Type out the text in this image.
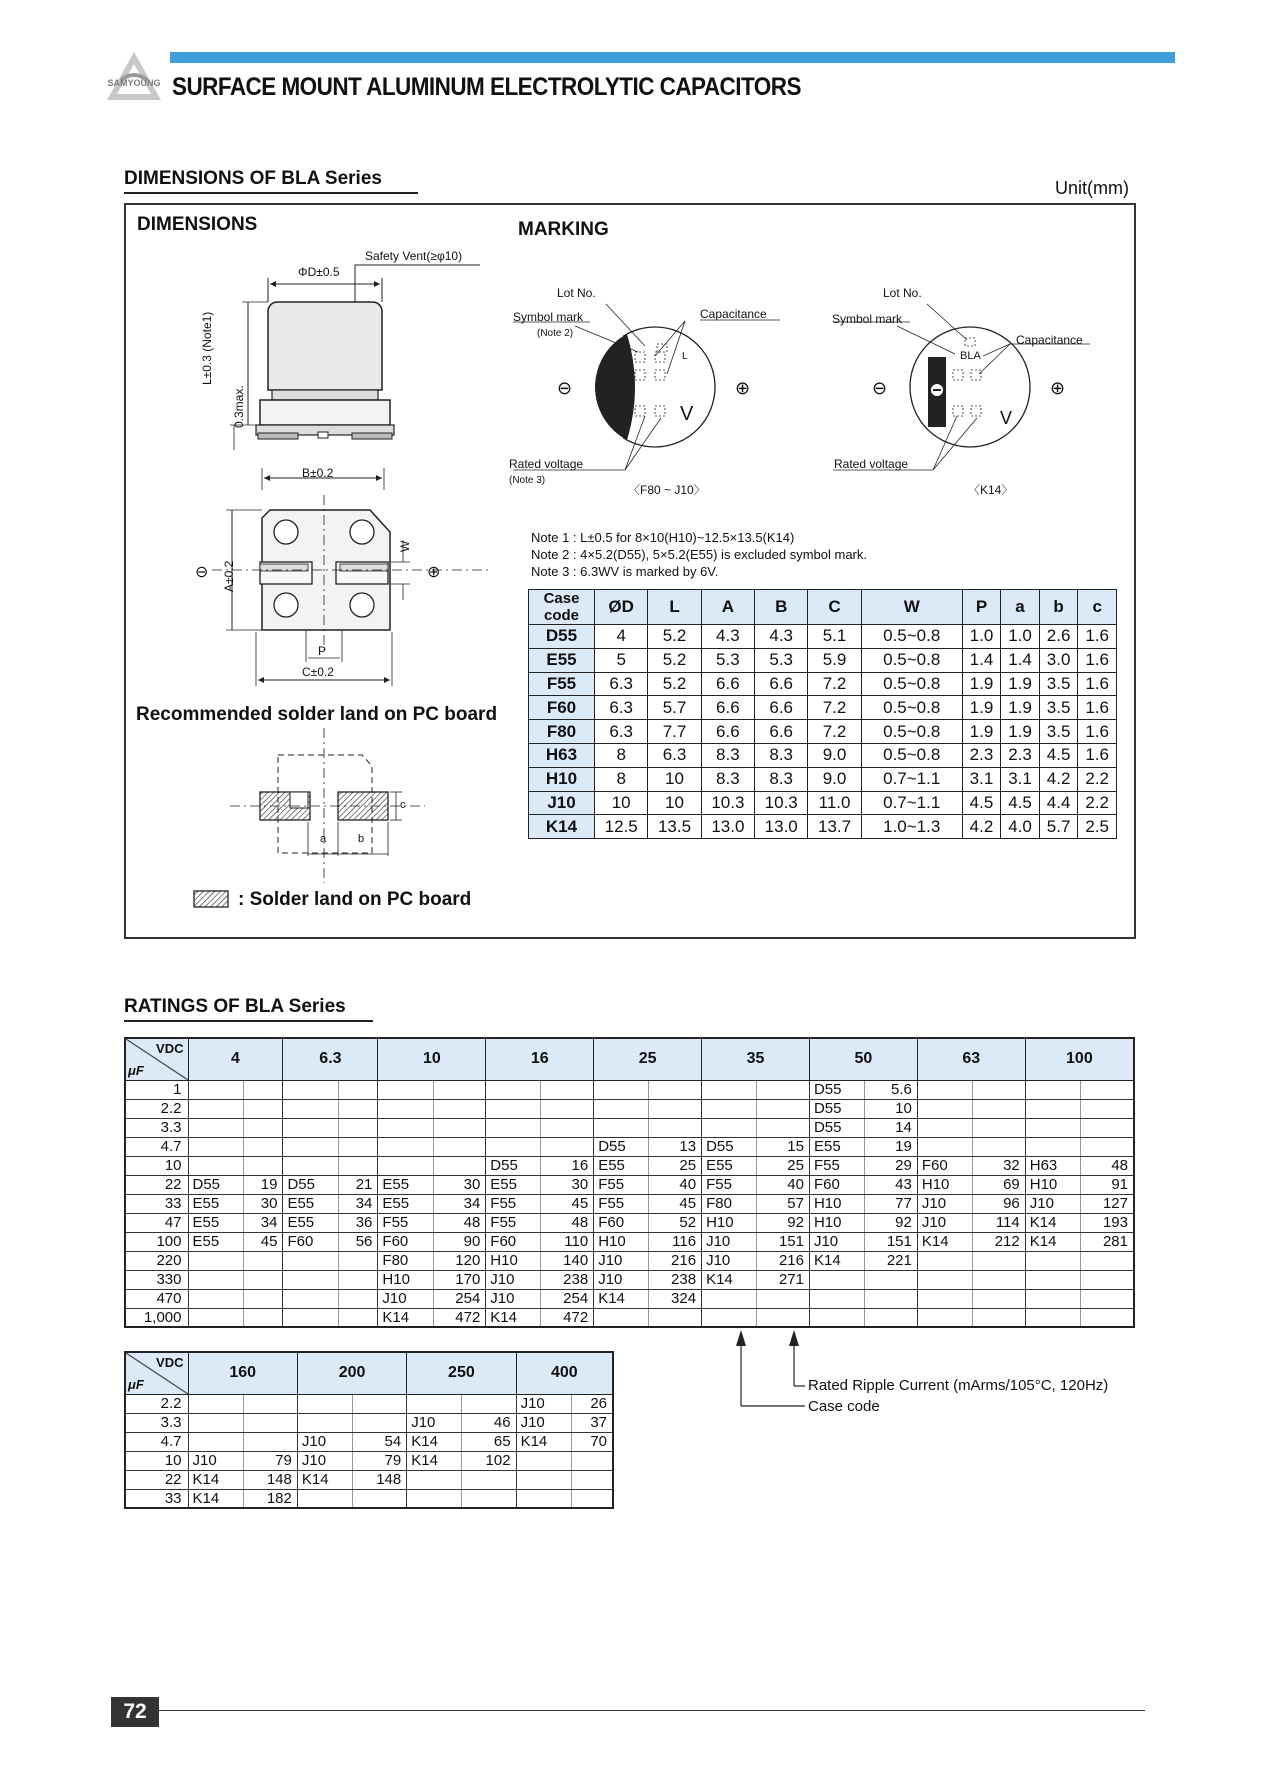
SAMYOUNG SURFACE MOUNT ALUMINUM ELECTROLYTIC CAPACITORS
DIMENSIONS OF BLA Series	Unit(mm)
DIMENSIONS	MARKING
Safety Vent(≥φ10)
ΦD±0.5
L±0.3 (Note1)
0.3max.
B±0.2
A±0.2
W
P
C±0.2
⊖	⊕
Lot No.
Symbol mark
(Note 2)
Capacitance
Rated voltage
(Note 3)
〈F80 ~ J10〉
L
V
⊖	⊕
Lot No.
Symbol mark
Capacitance
Rated voltage
〈K14〉
BLA
V
⊖	⊕
Note 1 : L±0.5 for 8×10(H10)~12.5×13.5(K14)
Note 2 : 4×5.2(D55), 5×5.2(E55) is excluded symbol mark.
Note 3 : 6.3WV is marked by 6V.
Case code	ØD	L	A	B	C	W	P	a	b	c
D55	4	5.2	4.3	4.3	5.1	0.5~0.8	1.0	1.0	2.6	1.6
E55	5	5.2	5.3	5.3	5.9	0.5~0.8	1.4	1.4	3.0	1.6
F55	6.3	5.2	6.6	6.6	7.2	0.5~0.8	1.9	1.9	3.5	1.6
F60	6.3	5.7	6.6	6.6	7.2	0.5~0.8	1.9	1.9	3.5	1.6
F80	6.3	7.7	6.6	6.6	7.2	0.5~0.8	1.9	1.9	3.5	1.6
H63	8	6.3	8.3	8.3	9.0	0.5~0.8	2.3	2.3	4.5	1.6
H10	8	10	8.3	8.3	9.0	0.7~1.1	3.1	3.1	4.2	2.2
J10	10	10	10.3	10.3	11.0	0.7~1.1	4.5	4.5	4.4	2.2
K14	12.5	13.5	13.0	13.0	13.7	1.0~1.3	4.2	4.0	5.7	2.5
Recommended solder land on PC board
a	b
c
: Solder land on PC board
RATINGS OF BLA Series
VDC
μF	4		6.3		10		16		25		35		50		63		100	
1													D55	5.6				
2.2													D55	10				
3.3													D55	14				
4.7									D55	13	D55	15	E55	19				
10							D55	16	E55	25	E55	25	F55	29	F60	32	H63	48
22	D55	19	D55	21	E55	30	E55	30	F55	40	F55	40	F60	43	H10	69	H10	91
33	E55	30	E55	34	E55	34	F55	45	F55	45	F80	57	H10	77	J10	96	J10	127
47	E55	34	E55	36	F55	48	F55	48	F60	52	H10	92	H10	92	J10	114	K14	193
100	E55	45	F60	56	F60	90	F60	110	H10	116	J10	151	J10	151	K14	212	K14	281
220					F80	120	H10	140	J10	216	J10	216	K14	221				
330					H10	170	J10	238	J10	238	K14	271						
470					J10	254	J10	254	K14	324								
1,000					K14	472	K14	472										
VDC
μF	160		200		250		400	
2.2							J10	26
3.3					J10	46	J10	37
4.7			J10	54	K14	65	K14	70
10	J10	79	J10	79	K14	102		
22	K14	148	K14	148				
33	K14	182						
Rated Ripple Current (mArms/105°C, 120Hz)
Case code
72
